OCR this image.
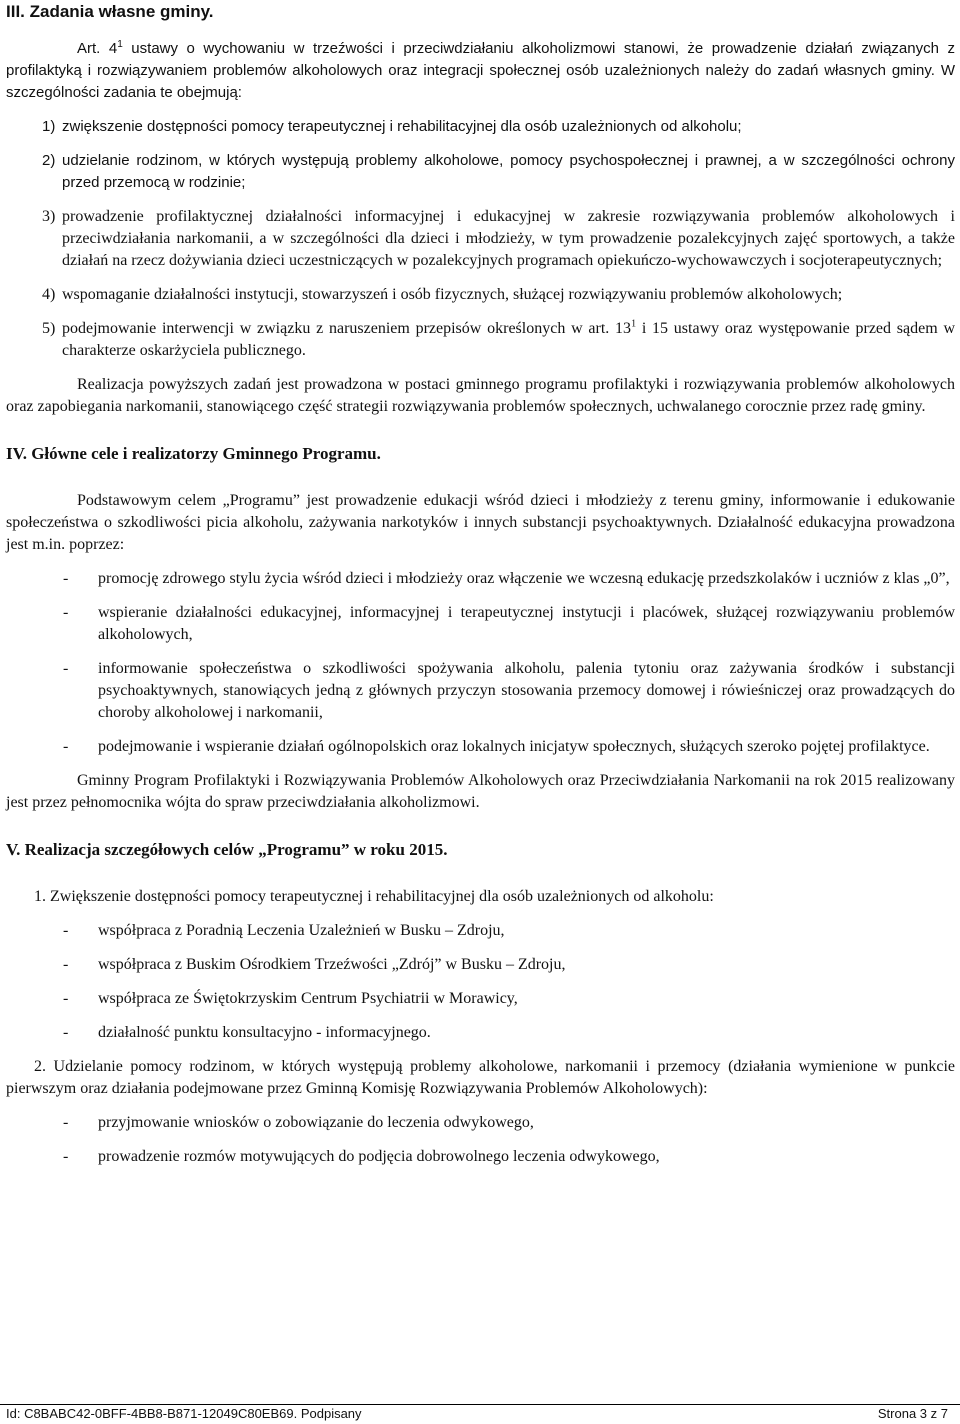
III. Zadania własne gminy.

Art. $4^1$ ustawy o wychowaniu w trzeźwości i przeciwdziałaniu alkoholizmowi stanowi, że prowadzenie działań związanych z profilaktyką i rozwiązywaniem problemów alkoholowych oraz integracji społecznej osób uzależnionych należy do zadań własnych gminy. W szczególności zadania te obejmują:

1) zwiększenie dostępności pomocy terapeutycznej i rehabilitacyjnej dla osób uzależnionych od alkoholu;
2) udzielanie rodzinom, w których występują problemy alkoholowe, pomocy psychospołecznej i prawnej, a w szczególności ochrony przed przemocą w rodzinie;
3) prowadzenie profilaktycznej działalności informacyjnej i edukacyjnej w zakresie rozwiązywania problemów alkoholowych i przeciwdziałania narkomanii, a w szczególności dla dzieci i młodzieży, w tym prowadzenie pozalekcyjnych zajęć sportowych, a także działań na rzecz dożywiania dzieci uczestniczących w pozalekcyjnych programach opiekuńczo-wychowawczych i socjoterapeutycznych;
4) wspomaganie działalności instytucji, stowarzyszeń i osób fizycznych, służącej rozwiązywaniu problemów alkoholowych;
5) podejmowanie interwencji w związku z naruszeniem przepisów określonych w art. $13^1$ i 15 ustawy oraz występowanie przed sądem w charakterze oskarżyciela publicznego.

Realizacja powyższych zadań jest prowadzona w postaci gminnego programu profilaktyki i rozwiązywania problemów alkoholowych oraz zapobiegania narkomanii, stanowiącego część strategii rozwiązywania problemów społecznych, uchwalanego corocznie przez radę gminy.

IV. Główne cele i realizatorzy Gminnego Programu.

Podstawowym celem „Programu” jest prowadzenie edukacji wśród dzieci i młodzieży z terenu gminy, informowanie i edukowanie społeczeństwa o szkodliwości picia alkoholu, zażywania narkotyków i innych substancji psychoaktywnych. Działalność edukacyjna prowadzona jest m.in. poprzez:

-	promocję zdrowego stylu życia wśród dzieci i młodzieży oraz włączenie we wczesną edukację przedszkolaków i uczniów z klas „0”,
-	wspieranie działalności edukacyjnej, informacyjnej i terapeutycznej instytucji i placówek, służącej rozwiązywaniu problemów alkoholowych,
-	informowanie społeczeństwa o szkodliwości spożywania alkoholu, palenia tytoniu oraz zażywania środków i substancji psychoaktywnych, stanowiących jedną z głównych przyczyn stosowania przemocy domowej i rówieśniczej oraz prowadzących do choroby alkoholowej i narkomanii,
-	podejmowanie i wspieranie działań ogólnopolskich oraz lokalnych inicjatyw społecznych, służących szeroko pojętej profilaktyce.

Gminny Program Profilaktyki i Rozwiązywania Problemów Alkoholowych oraz Przeciwdziałania Narkomanii na rok 2015 realizowany jest przez pełnomocnika wójta do spraw przeciwdziałania alkoholizmowi.

V. Realizacja szczegółowych celów „Programu” w roku 2015.

1. Zwiększenie dostępności pomocy terapeutycznej i rehabilitacyjnej dla osób uzależnionych od alkoholu:

-	współpraca z Poradnią Leczenia Uzależnień w Busku – Zdroju,
-	współpraca z Buskim Ośrodkiem Trzeźwości „Zdrój” w Busku – Zdroju,
-	współpraca ze Świętokrzyskim Centrum Psychiatrii w Morawicy,
-	działalność punktu konsultacyjno - informacyjnego.

2. Udzielanie pomocy rodzinom, w których występują problemy alkoholowe, narkomanii i przemocy (działania wymienione w punkcie pierwszym oraz działania podejmowane przez Gminną Komisję Rozwiązywania Problemów Alkoholowych):

-	przyjmowanie wniosków o zobowiązanie do leczenia odwykowego,
-	prowadzenie rozmów motywujących do podjęcia dobrowolnego leczenia odwykowego,
Id: C8BABC42-0BFF-4BB8-B871-12049C80EB69. Podpisany	Strona 3 z 7
